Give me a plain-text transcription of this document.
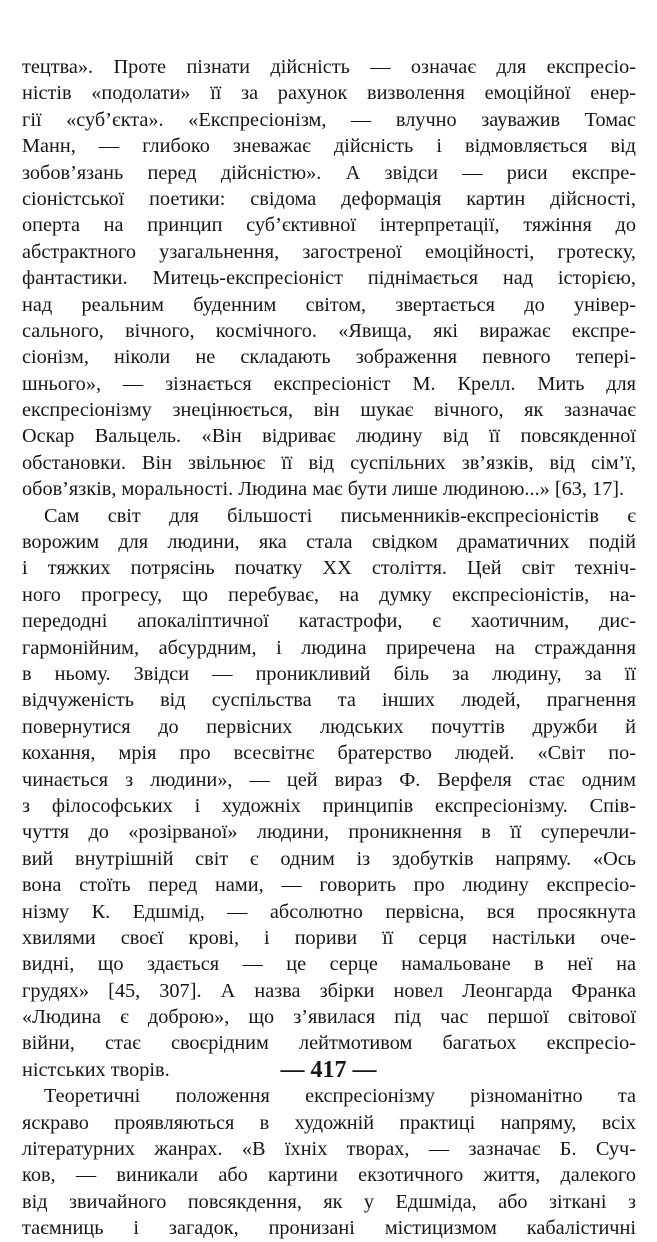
тецтва». Проте пізнати дійсність — означає для експресіо-
ністів «подолати» її за рахунок визволення емоційної енер-
гії «суб’єкта». «Експресіонізм, — влучно зауважив Томас
Манн, — глибоко зневажає дійсність і відмовляється від
зобов’язань перед дійсністю». А звідси — риси експре-
сіоністської поетики: свідома деформація картин дійсності,
оперта на принцип суб’єктивної інтерпретації, тяжіння до
абстрактного узагальнення, загостреної емоційності, гротеску,
фантастики. Митець-експресіоніст піднімається над історією,
над реальним буденним світом, звертається до універ-
сального, вічного, космічного. «Явища, які виражає експре-
сіонізм, ніколи не складають зображення певного тепері-
шнього», — зізнається експресіоніст М. Крелл. Мить для
експресіонізму знецінюється, він шукає вічного, як зазначає
Оскар Вальцель. «Він відриває людину від її повсякденної
обстановки. Він звільнює її від суспільних зв’язків, від сім’ї,
обов’язків, моральності. Людина має бути лише людиною...» [63, 17].
Сам світ для більшості письменників-експресіоністів є
ворожим для людини, яка стала свідком драматичних подій
і тяжких потрясінь початку XX століття. Цей світ техніч-
ного прогресу, що перебуває, на думку експресіоністів, на-
передодні апокаліптичної катастрофи, є хаотичним, дис-
гармонійним, абсурдним, і людина приречена на страждання
в ньому. Звідси — проникливий біль за людину, за її
відчуженість від суспільства та інших людей, прагнення
повернутися до первісних людських почуттів дружби й
кохання, мрія про всесвітнє братерство людей. «Світ по-
чинається з людини», — цей вираз Ф. Верфеля стає одним
з філософських і художніх принципів експресіонізму. Спів-
чуття до «розірваної» людини, проникнення в її суперечли-
вий внутрішній світ є одним із здобутків напряму. «Ось
вона стоїть перед нами, — говорить про людину експресіо-
нізму К. Едшмід, — абсолютно первісна, вся просякнута
хвилями своєї крові, і пориви її серця настільки оче-
видні, що здається — це серце намальоване в неї на
грудях» [45, 307]. А назва збірки новел Леонгарда Франка
«Людина є доброю», що з’явилася під час першої світової
війни, стає своєрідним лейтмотивом багатьох експресіо-
ністських творів.
Теоретичні положення експресіонізму різноманітно та
яскраво проявляються в художній практиці напряму, всіх
літературних жанрах. «В їхніх творах, — зазначає Б. Суч-
ков, — виникали або картини екзотичного життя, далекого
від звичайного повсякдення, як у Едшміда, або зіткані з
таємниць і загадок, пронизані містицизмом кабалістичні
— 417 —
